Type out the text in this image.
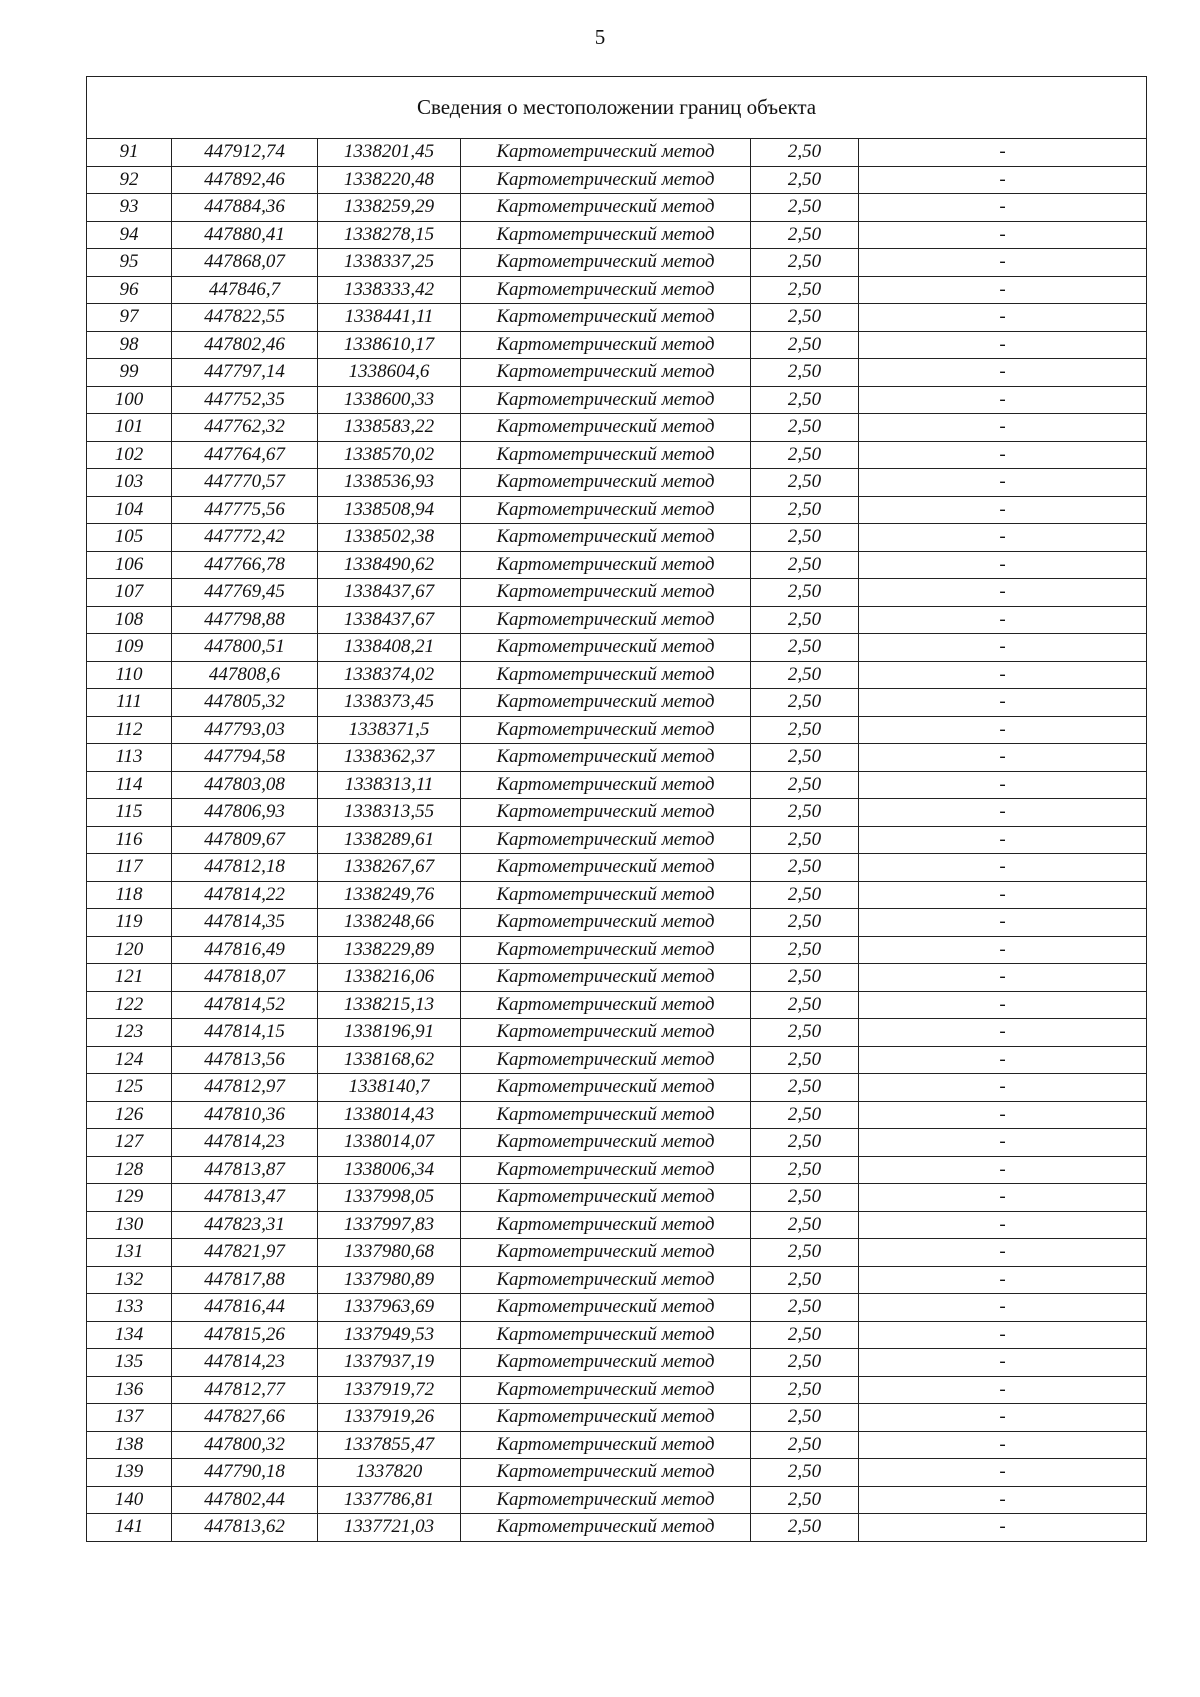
5
Сведения о местоположении границ объекта					
91	447912,74	1338201,45	Картометрический метод	2,50	-
92	447892,46	1338220,48	Картометрический метод	2,50	-
93	447884,36	1338259,29	Картометрический метод	2,50	-
94	447880,41	1338278,15	Картометрический метод	2,50	-
95	447868,07	1338337,25	Картометрический метод	2,50	-
96	447846,7	1338333,42	Картометрический метод	2,50	-
97	447822,55	1338441,11	Картометрический метод	2,50	-
98	447802,46	1338610,17	Картометрический метод	2,50	-
99	447797,14	1338604,6	Картометрический метод	2,50	-
100	447752,35	1338600,33	Картометрический метод	2,50	-
101	447762,32	1338583,22	Картометрический метод	2,50	-
102	447764,67	1338570,02	Картометрический метод	2,50	-
103	447770,57	1338536,93	Картометрический метод	2,50	-
104	447775,56	1338508,94	Картометрический метод	2,50	-
105	447772,42	1338502,38	Картометрический метод	2,50	-
106	447766,78	1338490,62	Картометрический метод	2,50	-
107	447769,45	1338437,67	Картометрический метод	2,50	-
108	447798,88	1338437,67	Картометрический метод	2,50	-
109	447800,51	1338408,21	Картометрический метод	2,50	-
110	447808,6	1338374,02	Картометрический метод	2,50	-
111	447805,32	1338373,45	Картометрический метод	2,50	-
112	447793,03	1338371,5	Картометрический метод	2,50	-
113	447794,58	1338362,37	Картометрический метод	2,50	-
114	447803,08	1338313,11	Картометрический метод	2,50	-
115	447806,93	1338313,55	Картометрический метод	2,50	-
116	447809,67	1338289,61	Картометрический метод	2,50	-
117	447812,18	1338267,67	Картометрический метод	2,50	-
118	447814,22	1338249,76	Картометрический метод	2,50	-
119	447814,35	1338248,66	Картометрический метод	2,50	-
120	447816,49	1338229,89	Картометрический метод	2,50	-
121	447818,07	1338216,06	Картометрический метод	2,50	-
122	447814,52	1338215,13	Картометрический метод	2,50	-
123	447814,15	1338196,91	Картометрический метод	2,50	-
124	447813,56	1338168,62	Картометрический метод	2,50	-
125	447812,97	1338140,7	Картометрический метод	2,50	-
126	447810,36	1338014,43	Картометрический метод	2,50	-
127	447814,23	1338014,07	Картометрический метод	2,50	-
128	447813,87	1338006,34	Картометрический метод	2,50	-
129	447813,47	1337998,05	Картометрический метод	2,50	-
130	447823,31	1337997,83	Картометрический метод	2,50	-
131	447821,97	1337980,68	Картометрический метод	2,50	-
132	447817,88	1337980,89	Картометрический метод	2,50	-
133	447816,44	1337963,69	Картометрический метод	2,50	-
134	447815,26	1337949,53	Картометрический метод	2,50	-
135	447814,23	1337937,19	Картометрический метод	2,50	-
136	447812,77	1337919,72	Картометрический метод	2,50	-
137	447827,66	1337919,26	Картометрический метод	2,50	-
138	447800,32	1337855,47	Картометрический метод	2,50	-
139	447790,18	1337820	Картометрический метод	2,50	-
140	447802,44	1337786,81	Картометрический метод	2,50	-
141	447813,62	1337721,03	Картометрический метод	2,50	-
